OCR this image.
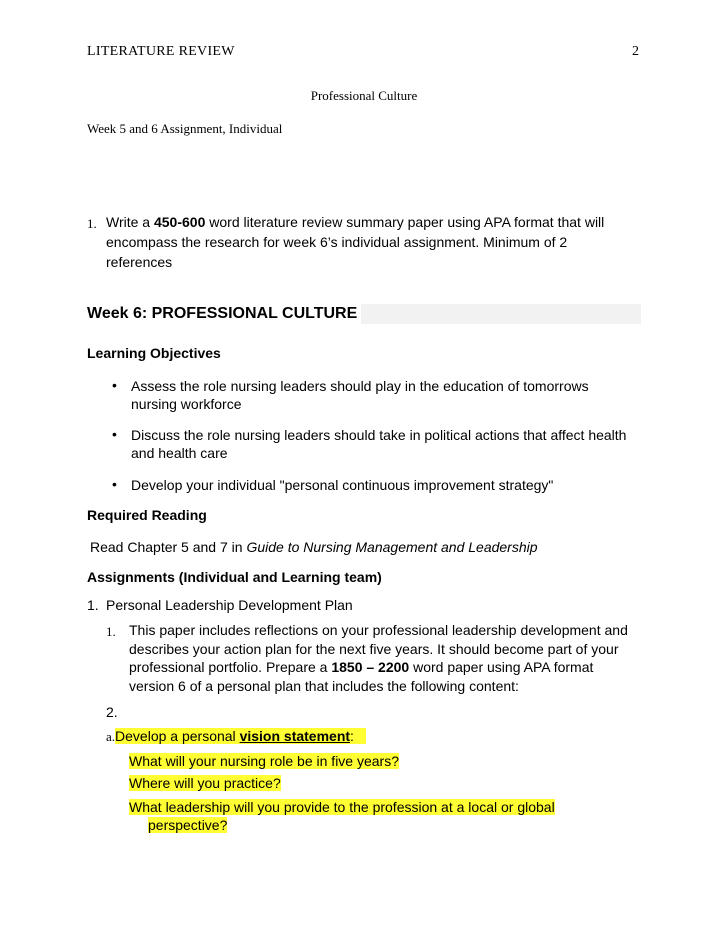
LITERATURE REVIEW	2
Professional Culture
Week 5 and 6 Assignment, Individual
1. Write a 450-600 word literature review summary paper using APA format that will
encompass the research for week 6’s individual assignment. Minimum of 2
references
Week 6: PROFESSIONAL CULTURE
Learning Objectives
• Assess the role nursing leaders should play in the education of tomorrows
nursing workforce
• Discuss the role nursing leaders should take in political actions that affect health
and health care
• Develop your individual "personal continuous improvement strategy"
Required Reading
Read Chapter 5 and 7 in Guide to Nursing Management and Leadership
Assignments (Individual and Learning team)
1. Personal Leadership Development Plan
1. This paper includes reflections on your professional leadership development and
describes your action plan for the next five years. It should become part of your
professional portfolio. Prepare a 1850 – 2200 word paper using APA format
version 6 of a personal plan that includes the following content:
2.
a.Develop a personal vision statement:
What will your nursing role be in five years?
Where will you practice?
What leadership will you provide to the profession at a local or global
perspective?
